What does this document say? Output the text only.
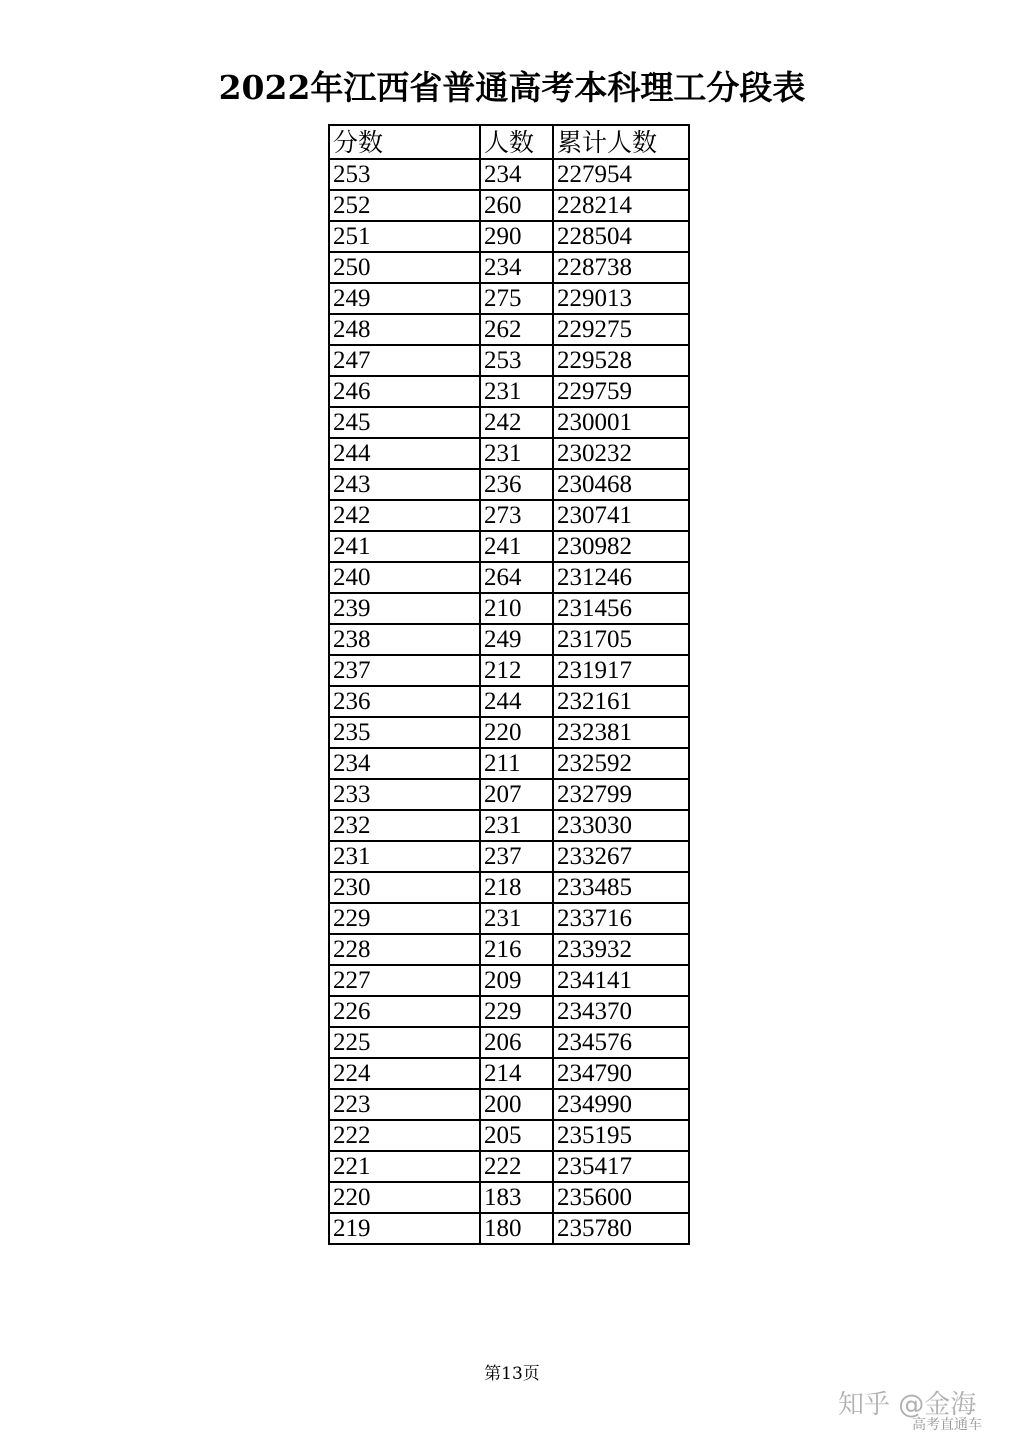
2022年江西省普通高考本科理工分段表
分数	人数	累计人数
253	234	227954
252	260	228214
251	290	228504
250	234	228738
249	275	229013
248	262	229275
247	253	229528
246	231	229759
245	242	230001
244	231	230232
243	236	230468
242	273	230741
241	241	230982
240	264	231246
239	210	231456
238	249	231705
237	212	231917
236	244	232161
235	220	232381
234	211	232592
233	207	232799
232	231	233030
231	237	233267
230	218	233485
229	231	233716
228	216	233932
227	209	234141
226	229	234370
225	206	234576
224	214	234790
223	200	234990
222	205	235195
221	222	235417
220	183	235600
219	180	235780
第13页
知乎 @金海
高考直通车
